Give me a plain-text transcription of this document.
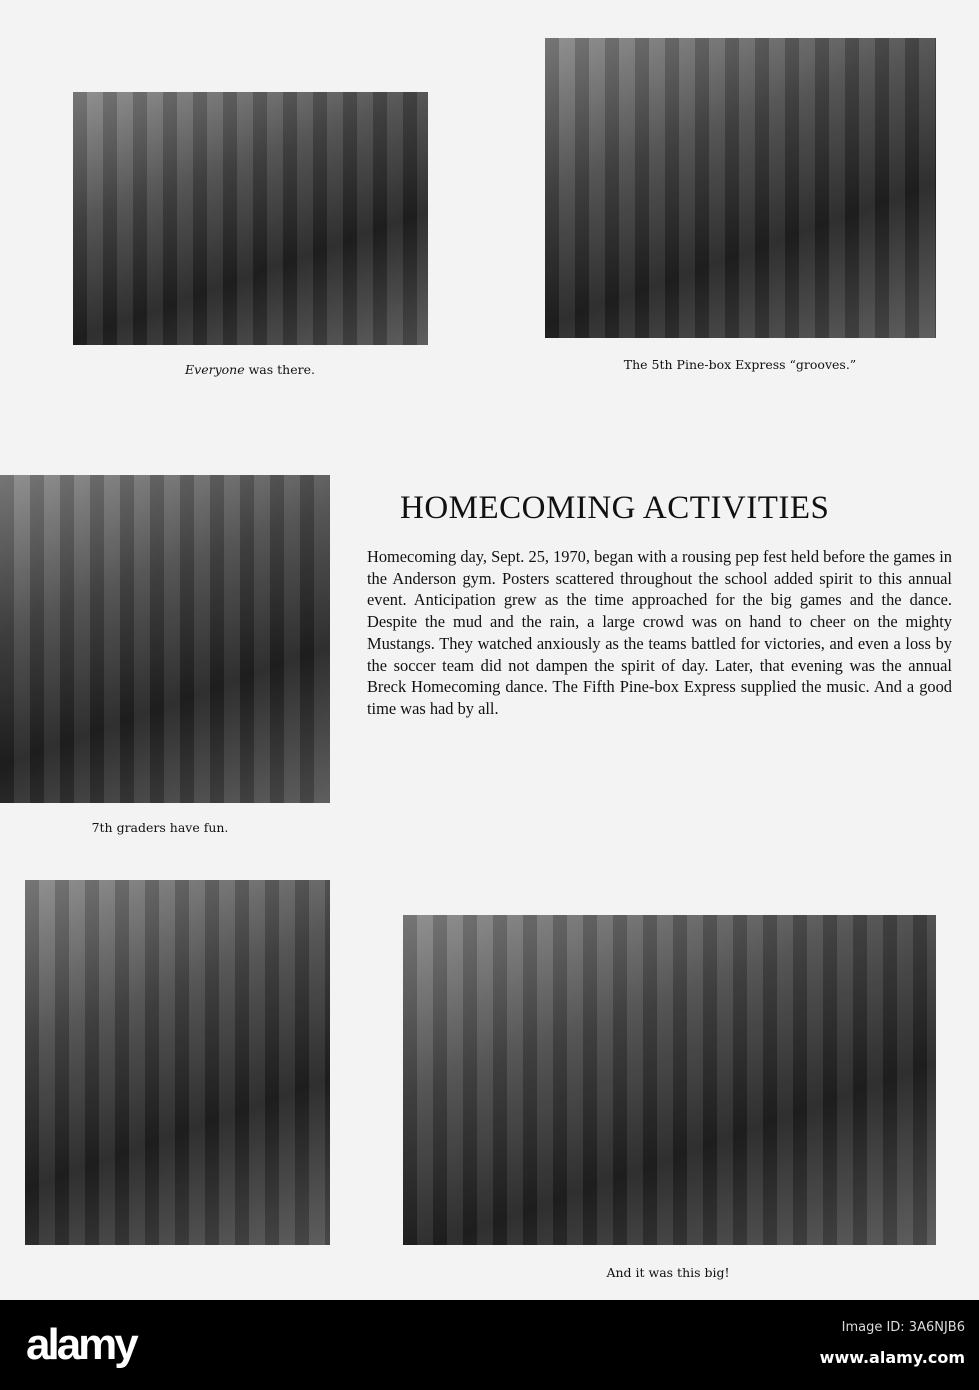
Everyone was there.	The 5th Pine-box Express “grooves.”
7th graders have fun.
HOMECOMING ACTIVITIES
Homecoming day, Sept. 25, 1970, began with a rousing pep fest held before the games in the Anderson gym. Posters scattered throughout the school added spirit to this annual event. Anticipation grew as the time approached for the big games and the dance. Despite the mud and the rain, a large crowd was on hand to cheer on the mighty Mustangs. They watched anxiously as the teams battled for victories, and even a loss by the soccer team did not dampen the spirit of day. Later, that evening was the annual Breck Homecoming dance. The Fifth Pine-box Express supplied the music. And a good time was had by all.
And it was this big!
alamy	Image ID: 3A6NJB6
www.alamy.com
